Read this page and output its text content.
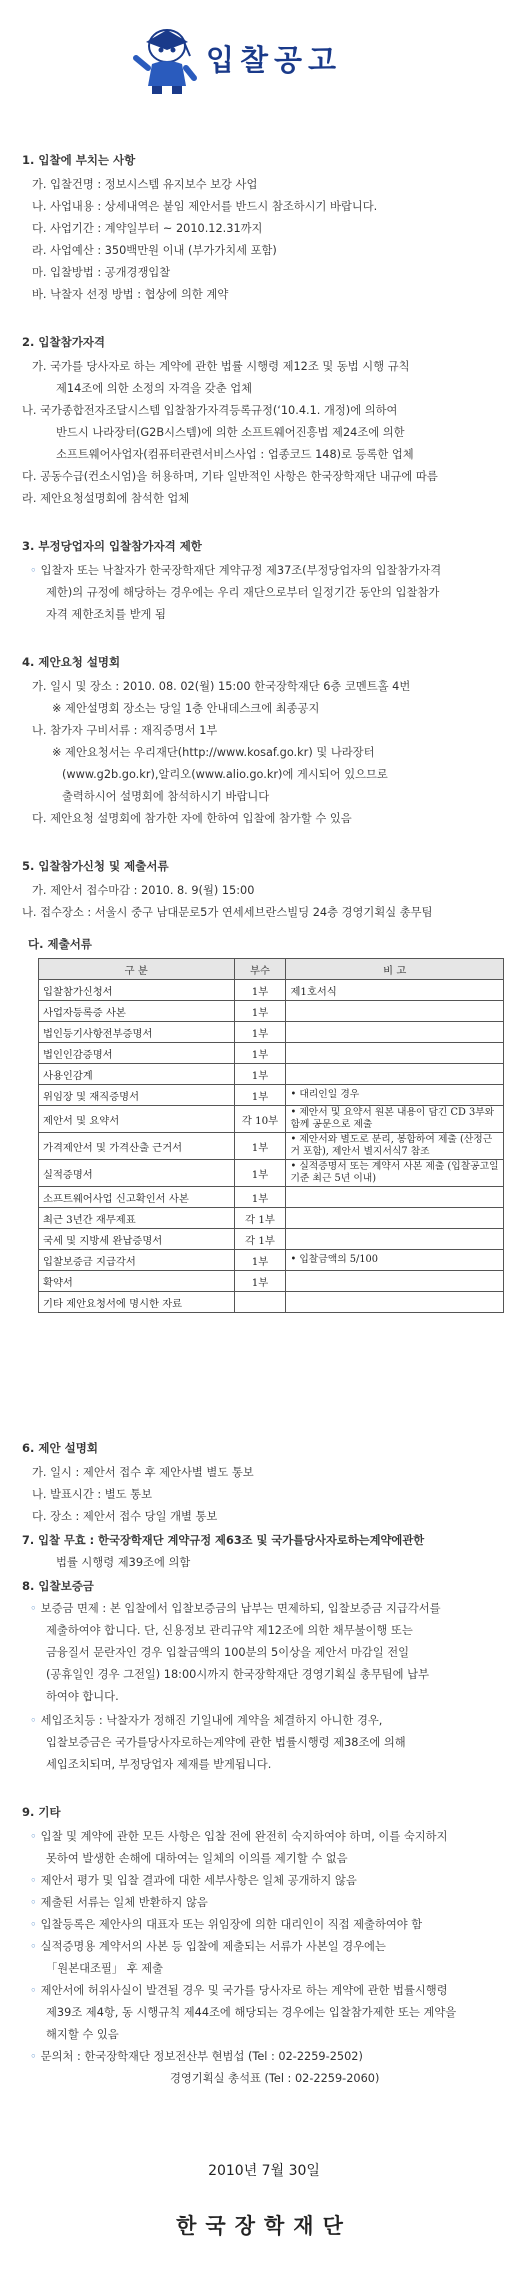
입찰공고
1. 입찰에 부치는 사항
가. 입찰건명 : 정보시스템 유지보수 보강 사업
나. 사업내용 : 상세내역은 붙임 제안서를 반드시 참조하시기 바랍니다.
다. 사업기간 : 계약일부터 ~ 2010.12.31까지
라. 사업예산 : 350백만원 이내 (부가가치세 포함)
마. 입찰방법 : 공개경쟁입찰
바. 낙찰자 선정 방법 : 협상에 의한 계약
2. 입찰참가자격
가. 국가를 당사자로 하는 계약에 관한 법률 시행령 제12조 및 동법 시행 규칙
제14조에 의한 소정의 자격을 갖춘 업체
나. 국가종합전자조달시스템 입찰참가자격등록규정(‘10.4.1. 개정)에 의하여
반드시 나라장터(G2B시스템)에 의한 소프트웨어진흥법 제24조에 의한
소프트웨어사업자(컴퓨터관련서비스사업 : 업종코드 148)로 등록한 업체
다. 공동수급(컨소시엄)을 허용하며, 기타 일반적인 사항은 한국장학재단 내규에 따름
라. 제안요청설명회에 참석한 업체
3. 부정당업자의 입찰참가자격 제한
◦ 입찰자 또는 낙찰자가 한국장학재단 계약규정 제37조(부정당업자의 입찰참가자격
제한)의 규정에 해당하는 경우에는 우리 재단으로부터 일정기간 동안의 입찰참가
자격 제한조치를 받게 됨
4. 제안요청 설명회
가. 일시 및 장소 : 2010. 08. 02(월) 15:00 한국장학재단 6층 코멘트홀 4번
※ 제안설명회 장소는 당일 1층 안내데스크에 최종공지
나. 참가자 구비서류 : 재직증명서 1부
※ 제안요청서는 우리재단(http://www.kosaf.go.kr) 및 나라장터
(www.g2b.go.kr),알리오(www.alio.go.kr)에 게시되어 있으므로
출력하시어 설명회에 참석하시기 바랍니다
다. 제안요청 설명회에 참가한 자에 한하여 입찰에 참가할 수 있음
5. 입찰참가신청 및 제출서류
가. 제안서 접수마감 : 2010. 8. 9(월) 15:00
나. 접수장소 : 서울시 중구 남대문로5가 연세세브란스빌딩 24층 경영기획실 총무팀
다. 제출서류
구 분	부수	비 고
입찰참가신청서	1부	제1호서식
사업자등록증 사본	1부	
법인등기사항전부증명서	1부	
법인인감증명서	1부	
사용인감계	1부	
위임장 및 재직증명서	1부	• 대리인일 경우
제안서 및 요약서	각 10부	• 제안서 및 요약서 원본 내용이 담긴 CD 3부와 함께 공문으로 제출
가격제안서 및 가격산출 근거서	1부	• 제안서와 별도로 분리, 봉함하여 제출 (산정근거 포함), 제안서 별지서식7 참조
실적증명서	1부	• 실적증명서 또는 계약서 사본 제출 (입찰공고일 기준 최근 5년 이내)
소프트웨어사업 신고확인서 사본	1부	
최근 3년간 재무제표	각 1부	
국세 및 지방세 완납증명서	각 1부	
입찰보증금 지급각서	1부	• 입찰금액의 5/100
확약서	1부	
기타 제안요청서에 명시한 자료		
6. 제안 설명회
가. 일시 : 제안서 접수 후 제안사별 별도 통보
나. 발표시간 : 별도 통보
다. 장소 : 제안서 접수 당일 개별 통보
7. 입찰 무효 : 한국장학재단 계약규정 제63조 및 국가를당사자로하는계약에관한
법률 시행령 제39조에 의함
8. 입찰보증금
◦ 보증금 면제 : 본 입찰에서 입찰보증금의 납부는 면제하되, 입찰보증금 지급각서를
제출하여야 합니다. 단, 신용정보 관리규약 제12조에 의한 채무불이행 또는
금융질서 문란자인 경우 입찰금액의 100분의 5이상을 제안서 마감일 전일
(공휴일인 경우 그전일) 18:00시까지 한국장학재단 경영기획실 총무팀에 납부
하여야 합니다.
◦ 세입조치등 : 낙찰자가 정해진 기일내에 계약을 체결하지 아니한 경우,
입찰보증금은 국가를당사자로하는계약에 관한 법률시행령 제38조에 의해
세입조치되며, 부정당업자 제재를 받게됩니다.
9. 기타
◦ 입찰 및 계약에 관한 모든 사항은 입찰 전에 완전히 숙지하여야 하며, 이를 숙지하지
못하여 발생한 손해에 대하여는 일체의 이의를 제기할 수 없음
◦ 제안서 평가 및 입찰 결과에 대한 세부사항은 일체 공개하지 않음
◦ 제출된 서류는 일체 반환하지 않음
◦ 입찰등록은 제안사의 대표자 또는 위임장에 의한 대리인이 직접 제출하여야 함
◦ 실적증명용 계약서의 사본 등 입찰에 제출되는 서류가 사본일 경우에는
「원본대조필」 후 제출
◦ 제안서에 허위사실이 발견될 경우 및 국가를 당사자로 하는 계약에 관한 법률시행령
제39조 제4항, 동 시행규칙 제44조에 해당되는 경우에는 입찰참가제한 또는 계약을
해지할 수 있음
◦ 문의처 : 한국장학재단 정보전산부 현범섭 (Tel : 02-2259-2502)
경영기획실 총석표 (Tel : 02-2259-2060)
2010년 7월 30일
한국장학재단
